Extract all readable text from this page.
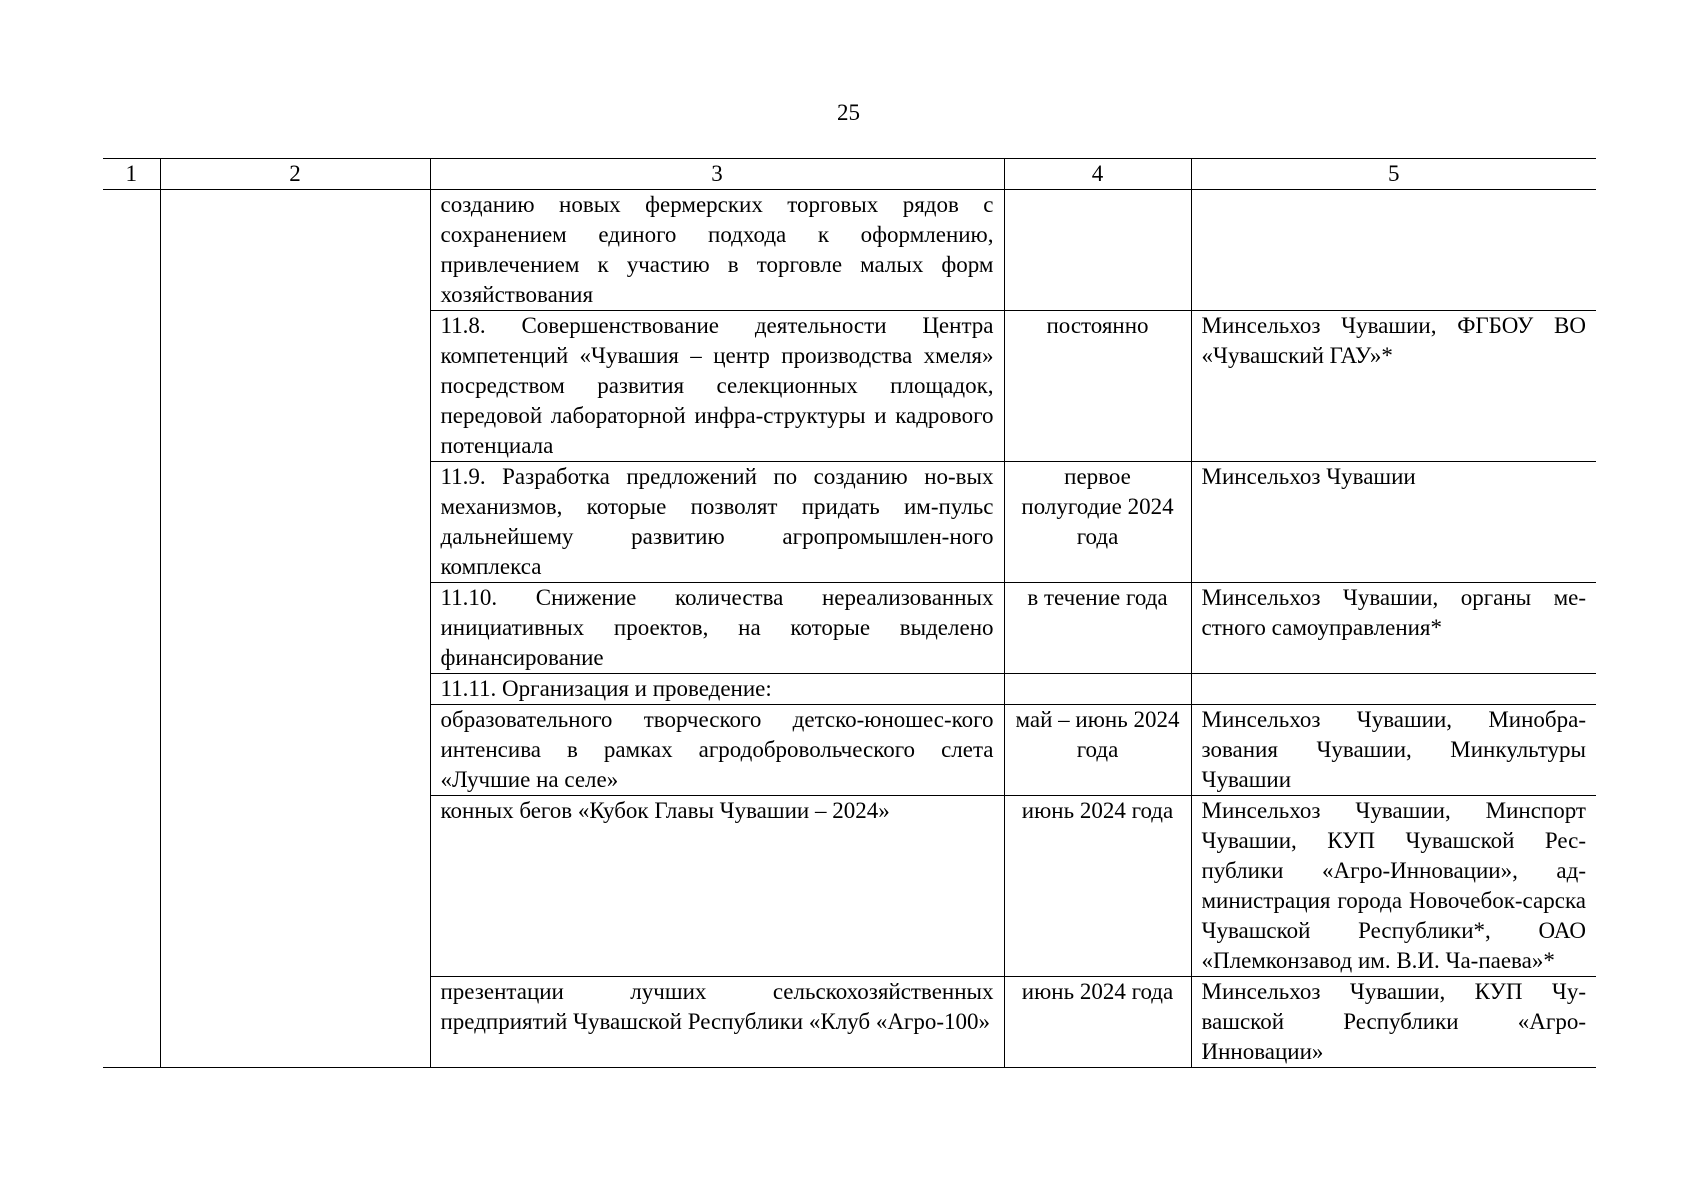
25
1	2	3	4	5
		созданию новых фермерских торговых рядов с сохранением единого подхода к оформлению, привлечением к участию в торговле малых форм хозяйствования		
		11.8. Совершенствование деятельности Центра компетенций «Чувашия – центр производства хмеля» посредством развития селекционных площадок, передовой лабораторной инфра-структуры и кадрового потенциала	постоянно	Минсельхоз Чувашии, ФГБОУ ВО «Чувашский ГАУ»*
		11.9. Разработка предложений по созданию но-вых механизмов, которые позволят придать им-пульс дальнейшему развитию агропромышлен-ного комплекса	первое полугодие 2024 года	Минсельхоз Чувашии
		11.10. Снижение количества нереализованных инициативных проектов, на которые выделено финансирование	в течение года	Минсельхоз Чувашии, органы ме-стного самоуправления*
		11.11. Организация и проведение:		
		образовательного творческого детско-юношес-кого интенсива в рамках агродобровольческого слета «Лучшие на селе»	май – июнь 2024 года	Минсельхоз Чувашии, Минобра-зования Чувашии, Минкультуры Чувашии
		конных бегов «Кубок Главы Чувашии – 2024»	июнь 2024 года	Минсельхоз Чувашии, Минспорт Чувашии, КУП Чувашской Рес-публики «Агро-Инновации», ад-министрация города Новочебок-сарска Чувашской Республики*, ОАО «Племконзавод им. В.И. Ча-паева»*
		презентации лучших сельскохозяйственных предприятий Чувашской Республики «Клуб «Агро-100»	июнь 2024 года	Минсельхоз Чувашии, КУП Чу-вашской Республики «Агро-Инновации»
